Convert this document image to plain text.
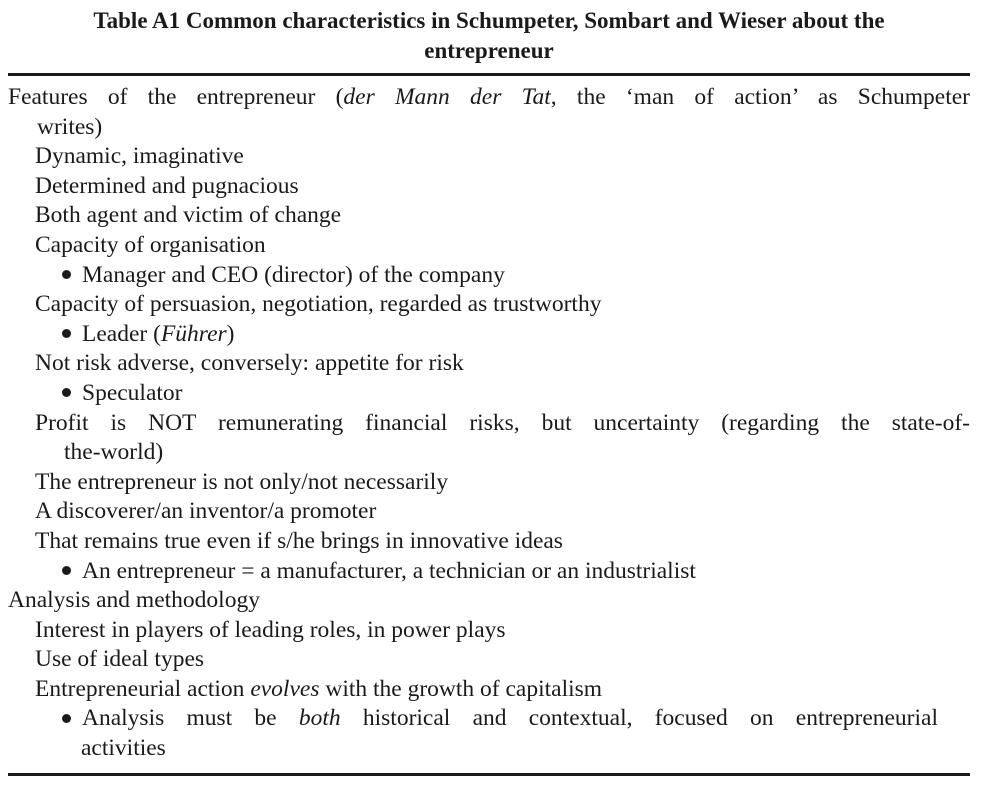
Table A1 Common characteristics in Schumpeter, Sombart and Wieser about the
entrepreneur
Features of the entrepreneur (der Mann der Tat, the ‘man of action’ as Schumpeter
writes)
Dynamic, imaginative
Determined and pugnacious
Both agent and victim of change
Capacity of organisation
Manager and CEO (director) of the company
Capacity of persuasion, negotiation, regarded as trustworthy
Leader (Führer)
Not risk adverse, conversely: appetite for risk
Speculator
Profit is NOT remunerating financial risks, but uncertainty (regarding the state-of-
the-world)
The entrepreneur is not only/not necessarily
A discoverer/an inventor/a promoter
That remains true even if s/he brings in innovative ideas
An entrepreneur = a manufacturer, a technician or an industrialist
Analysis and methodology
Interest in players of leading roles, in power plays
Use of ideal types
Entrepreneurial action evolves with the growth of capitalism
Analysis must be both historical and contextual, focused on entrepreneurial
activities
